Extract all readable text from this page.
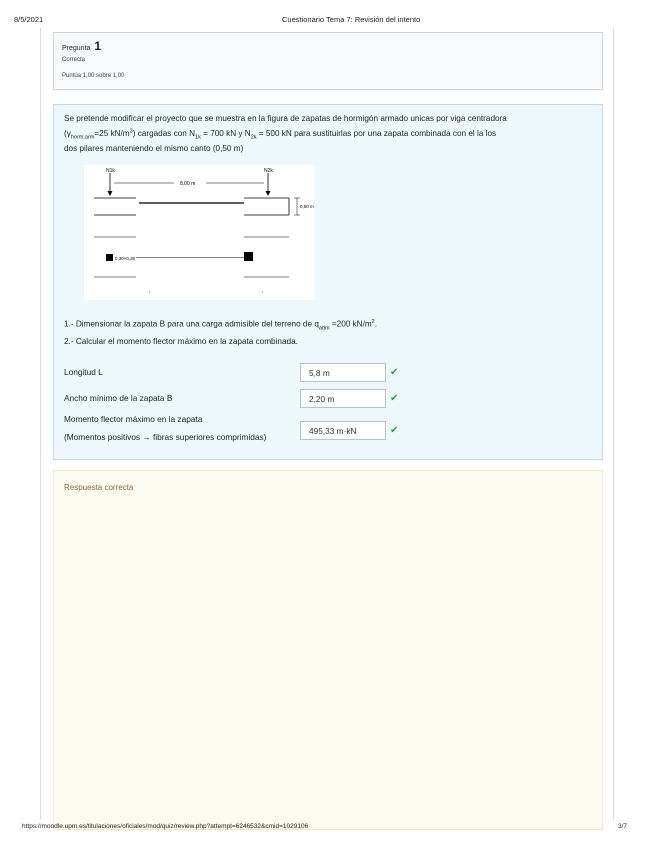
8/5/2021	Cuestionario Tema 7: Revisión del intento
Pregunta 1
Correcta
Puntúa 1,00 sobre 1,00
Se pretende modificar el proyecto que se muestra en la figura de zapatas de hormigón armado unicas por viga centradora
($\gamma_{horm.arm}=25$ $kN/m^3$) cargadas con $N_{1k} = 700$ kN y $N_{2k} = 500$ kN para sustituirlas por una zapata combinada con el la los
dos pilares manteniendo el mismo canto (0,50 m)
N1k	N2k
8,00 m
0,50 m
0,30×0,30
1.- Dimensionar la zapata B para una carga admisible del terreno de $q_{adm} =200$ $kN/m^2$.
2.- Calcular el momento flector máximo en la zapata combinada.
Longitud L	5,8 m	✔
Ancho mínimo de la zapata B	2,20 m	✔
Momento flector máximo en la zapata
(Momentos positivos → fibras superiores comprimidas)
495,33 m·kN	✔
Respuesta correcta
https://moodle.upm.es/titulaciones/oficiales/mod/quiz/review.php?attempt=6246532&cmid=1029106	3/7
